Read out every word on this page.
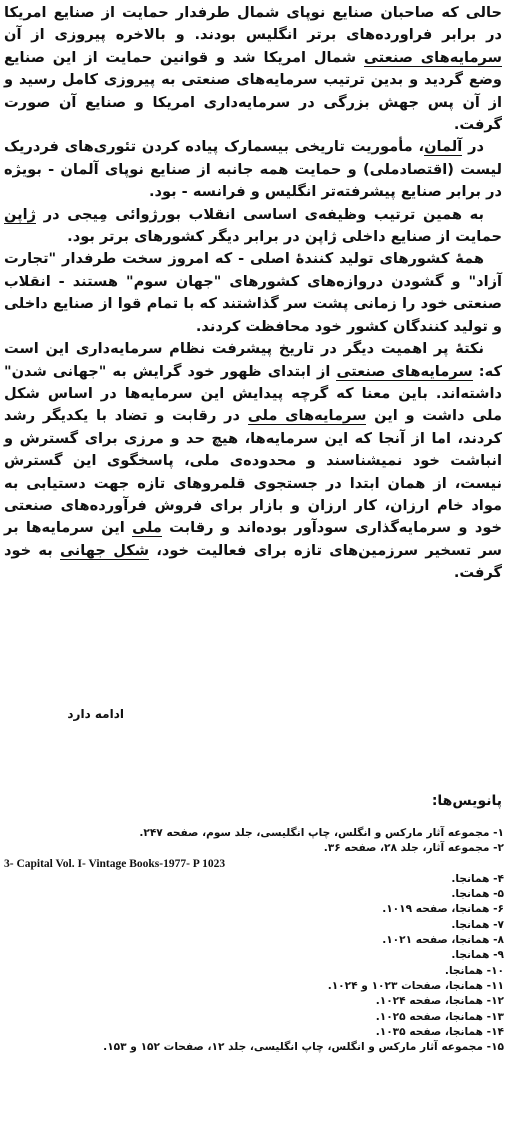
حالی که صاحبان صنایع نوپای شمال طرفدار حمایت از صنایع امریکا در برابر فراورده‌های برتر انگلیس بودند. و بالاخره پیروزی از آن سرمایه‌های صنعتی شمال امریکا شد و قوانین حمایت از این صنایع وضع گردید و بدین ترتیب سرمایه‌های صنعتی به پیروزی کامل رسید و از آن پس جهش بزرگی در سرمایه‌داری امریکا و صنایع آن صورت گرفت.

در آلمان، مأموریت تاریخی بیسمارک پیاده کردن تئوری‌های فردریک لیست (اقتصادملی) و حمایت همه جانبه از صنایع نوپای آلمان - بویژه در برابر صنایع پیشرفته‌تر انگلیس و فرانسه - بود.

به همین ترتیب وظیفه‌ی اساسی انقلاب بورژوائی مِیجی در ژاپن حمایت از صنایع داخلی ژاپن در برابر دیگر کشورهای برتر بود.

همهٔ کشورهای تولید کنندهٔ اصلی - که امروز سخت طرفدار "تجارت آزاد" و گشودن دروازه‌های کشورهای "جهان سوم" هستند - انقلاب صنعتی خود را زمانی پشت سر گذاشتند که با تمام قوا از صنایع داخلی و تولید کنندگان کشور خود محافظت کردند.

نکتهٔ پر اهمیت دیگر در تاریخ پیشرفت نظام سرمایه‌داری این است که: سرمایه‌های صنعتی از ابتدای ظهور خود گرایش به "جهانی شدن" داشته‌اند. باین معنا که گرچه پیدایش این سرمایه‌ها در اساس شکل ملی داشت و این سرمایه‌های ملی در رقابت و تضاد با یکدیگر رشد کردند، اما از آنجا که این سرمایه‌ها، هیچ حد و مرزی برای گسترش و انباشت خود نمیشناسند و محدوده‌ی ملی، پاسخگوی این گسترش نیست، از همان ابتدا در جستجوی قلمروهای تازه جهت دستیابی به مواد خام ارزان، کار ارزان و بازار برای فروش فرآورده‌های صنعتی خود و سرمایه‌گذاری سودآور بوده‌اند و رقابت ملی این سرمایه‌ها بر سر تسخیر سرزمین‌های تازه برای فعالیت خود، شکل جهانی به خود گرفت.

ادامه دارد
پانویس‌ها:
۱- مجموعه آثار مارکس و انگلس، چاپ انگلیسی، جلد سوم، صفحه ۲۴۷.
۲- مجموعه آثار، جلد ۲۸، صفحه ۳۶.
3- Capital Vol. I- Vintage Books-1977- P 1023
۴- همانجا.
۵- همانجا.
۶- همانجا، صفحه ۱۰۱۹.
۷- همانجا.
۸- همانجا، صفحه ۱۰۲۱.
۹- همانجا.
۱۰- همانجا.
۱۱- همانجا، صفحات ۱۰۲۳ و ۱۰۲۴.
۱۲- همانجا، صفحه ۱۰۲۴.
۱۳- همانجا، صفحه ۱۰۲۵.
۱۴- همانجا، صفحه ۱۰۳۵.
۱۵- مجموعه آثار مارکس و انگلس، چاپ انگلیسی، جلد ۱۲، صفحات ۱۵۲ و ۱۵۳.
